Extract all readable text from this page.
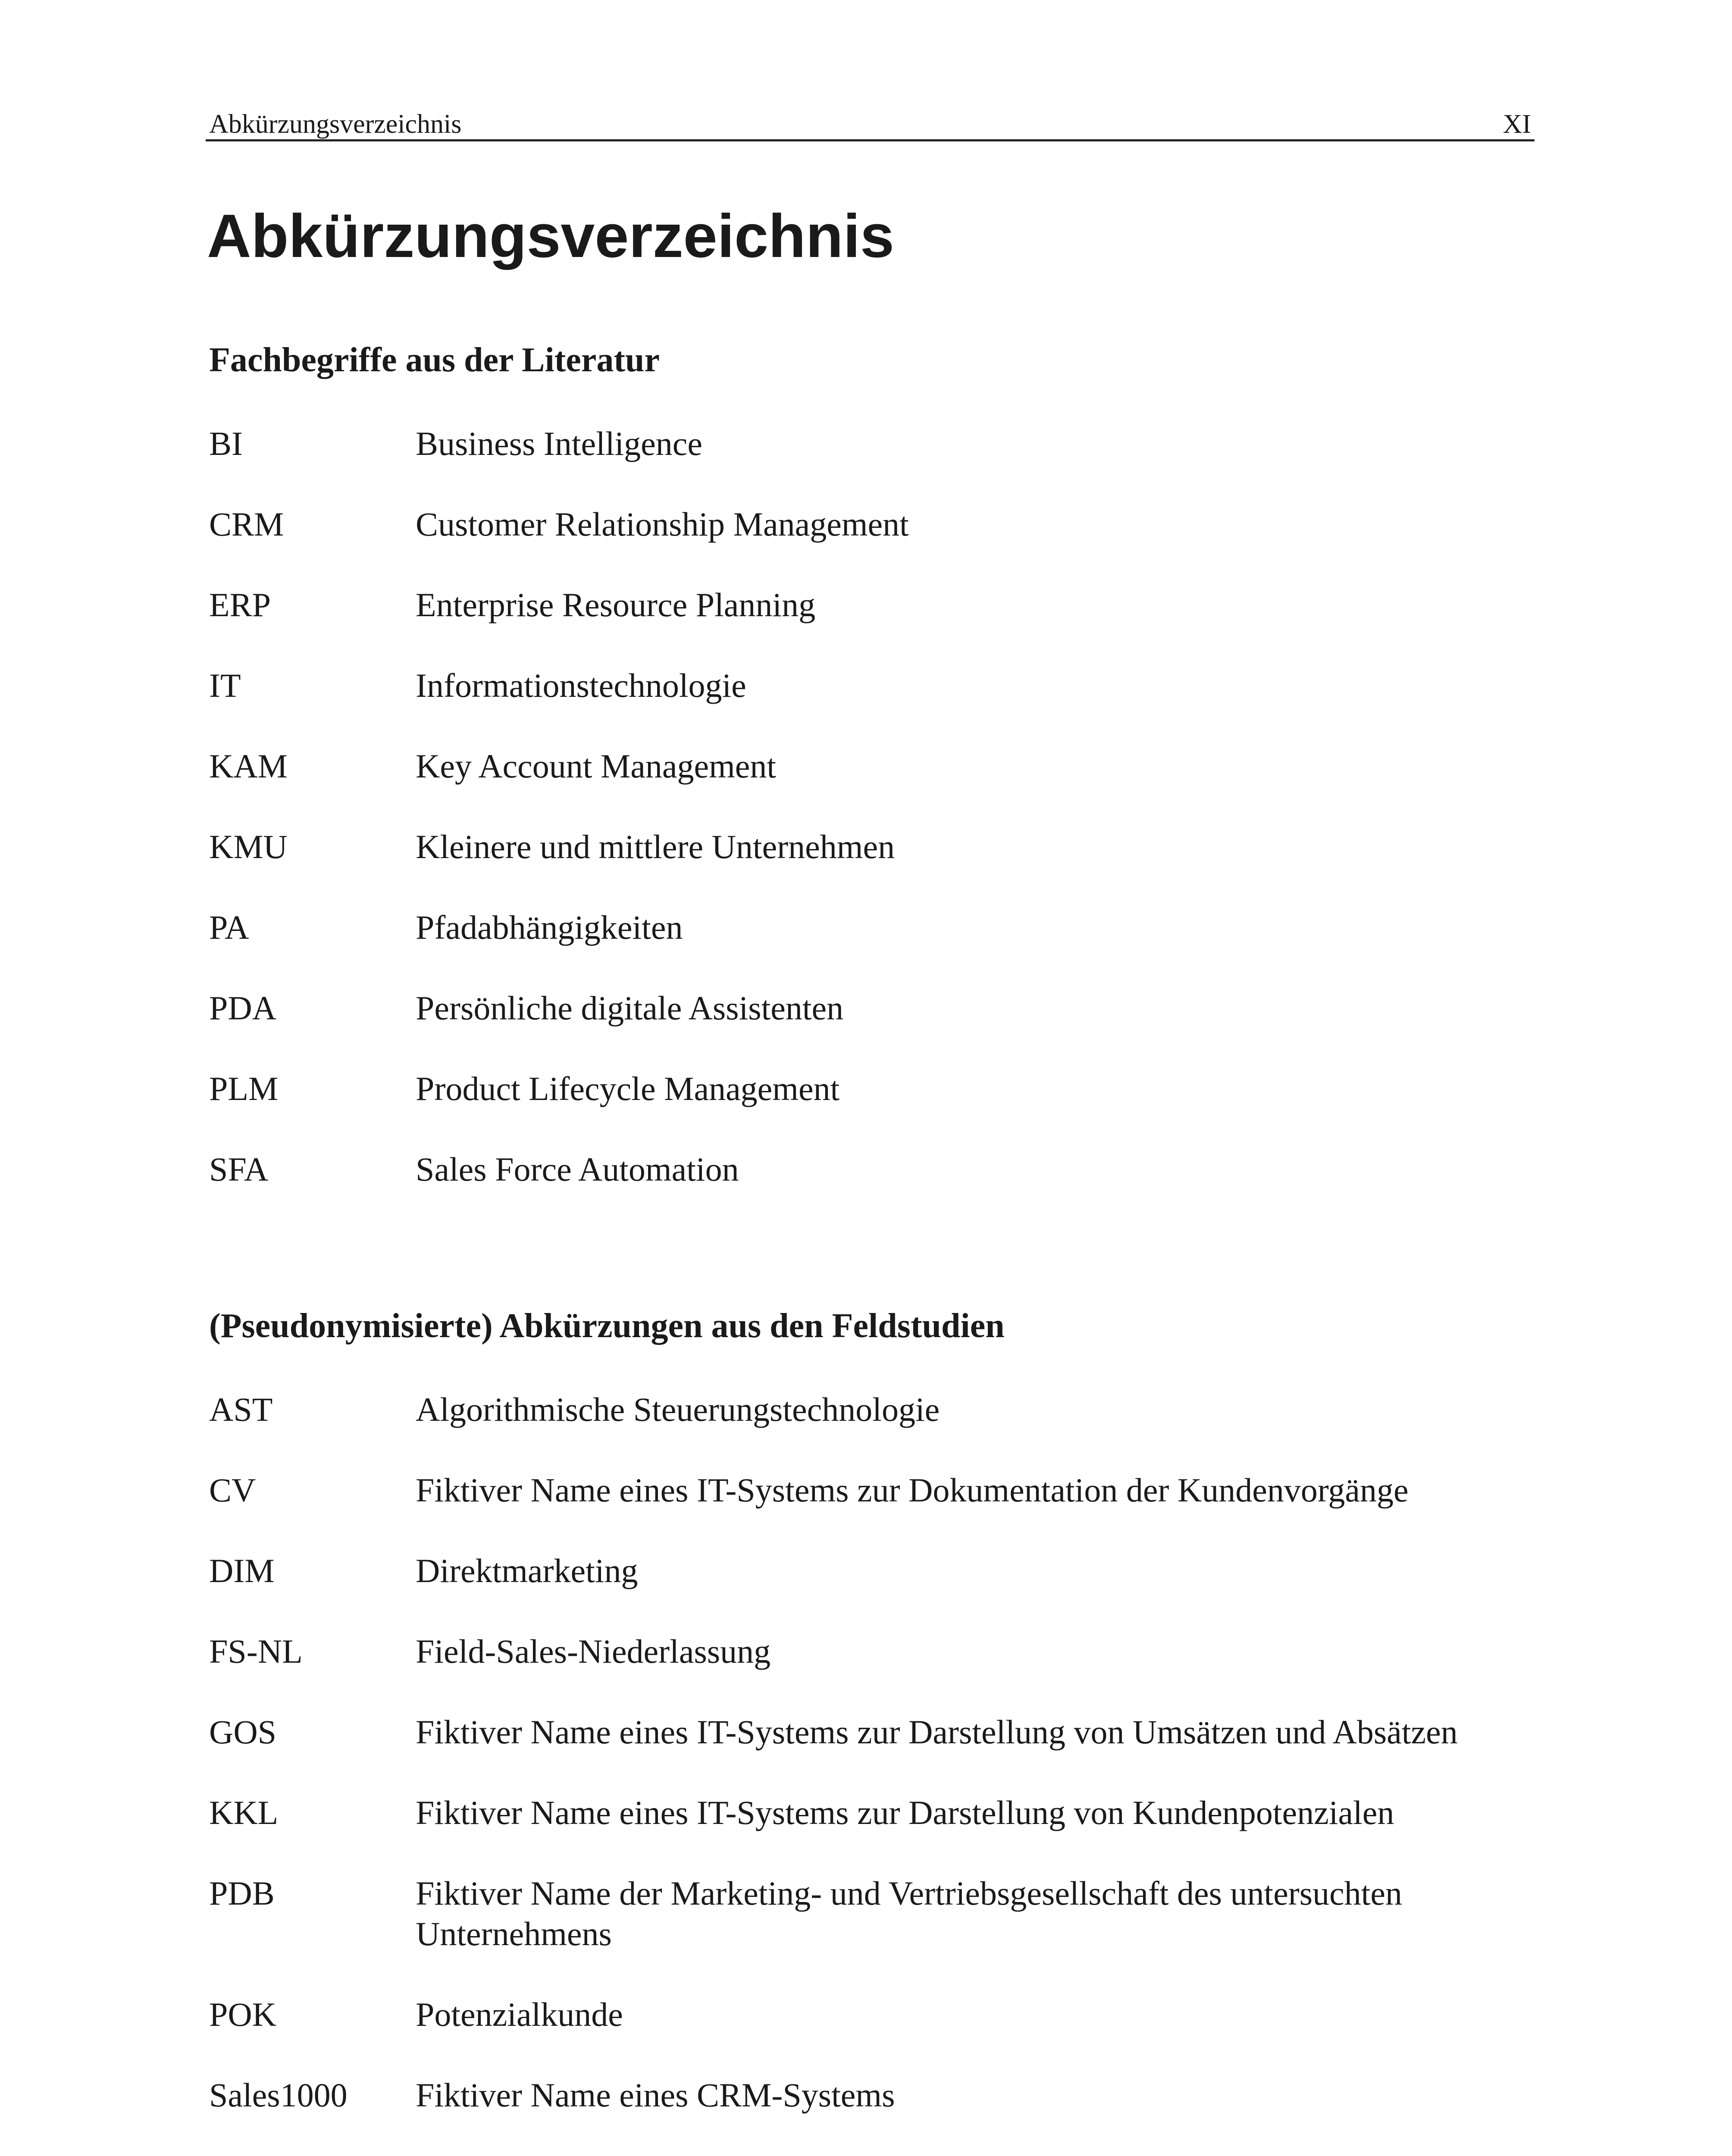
Abkürzungsverzeichnis	XI
Abkürzungsverzeichnis
Fachbegriffe aus der Literatur
BI	Business Intelligence
CRM	Customer Relationship Management
ERP	Enterprise Resource Planning
IT	Informationstechnologie
KAM	Key Account Management
KMU	Kleinere und mittlere Unternehmen
PA	Pfadabhängigkeiten
PDA	Persönliche digitale Assistenten
PLM	Product Lifecycle Management
SFA	Sales Force Automation
(Pseudonymisierte) Abkürzungen aus den Feldstudien
AST	Algorithmische Steuerungstechnologie
CV	Fiktiver Name eines IT-Systems zur Dokumentation der Kundenvorgänge
DIM	Direktmarketing
FS-NL	Field-Sales-Niederlassung
GOS	Fiktiver Name eines IT-Systems zur Darstellung von Umsätzen und Absätzen
KKL	Fiktiver Name eines IT-Systems zur Darstellung von Kundenpotenzialen
PDB	Fiktiver Name der Marketing- und Vertriebsgesellschaft des untersuchten Unternehmens
POK	Potenzialkunde
Sales1000	Fiktiver Name eines CRM-Systems
